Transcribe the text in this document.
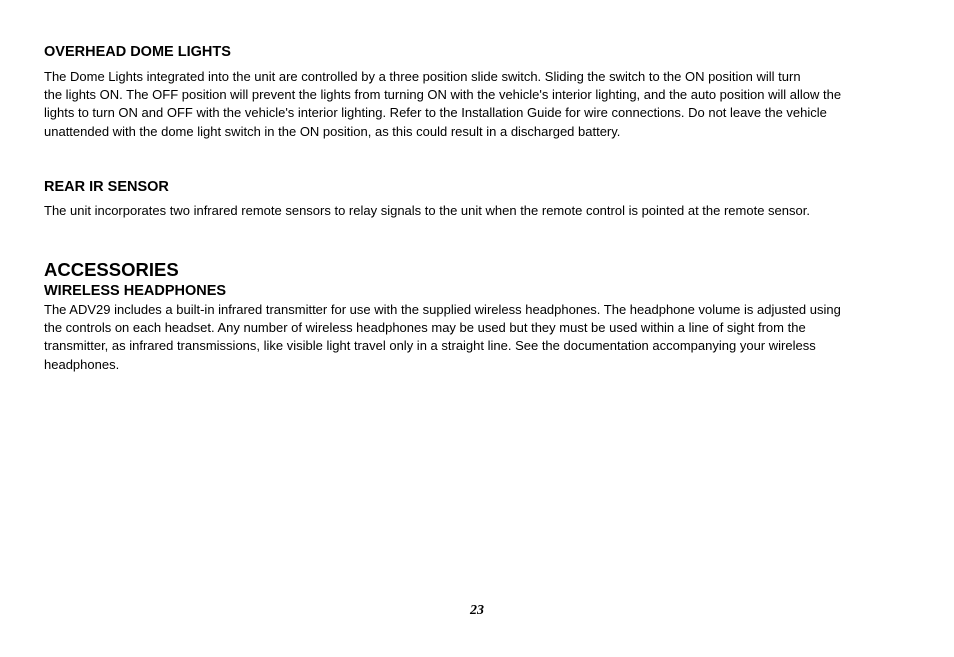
OVERHEAD DOME LIGHTS
The Dome Lights integrated into the unit are controlled by a three position slide switch. Sliding the switch to the ON position will turn
the lights ON. The OFF position will prevent the lights from turning ON with the vehicle's interior lighting, and the auto position will allow the
lights to turn ON and OFF with the vehicle's interior lighting. Refer to the Installation Guide for wire connections. Do not leave the vehicle
unattended with the dome light switch in the ON position, as this could result in a discharged battery.
REAR IR SENSOR
The unit incorporates two infrared remote sensors to relay signals to the unit when the remote control is pointed at the remote sensor.
ACCESSORIES
WIRELESS HEADPHONES
The ADV29 includes a built-in infrared transmitter for use with the supplied wireless headphones. The headphone volume is adjusted using
the controls on each headset. Any number of wireless headphones may be used but they must be used within a line of sight from the
transmitter, as infrared transmissions, like visible light travel only in a straight line. See the documentation accompanying your wireless
headphones.
23
